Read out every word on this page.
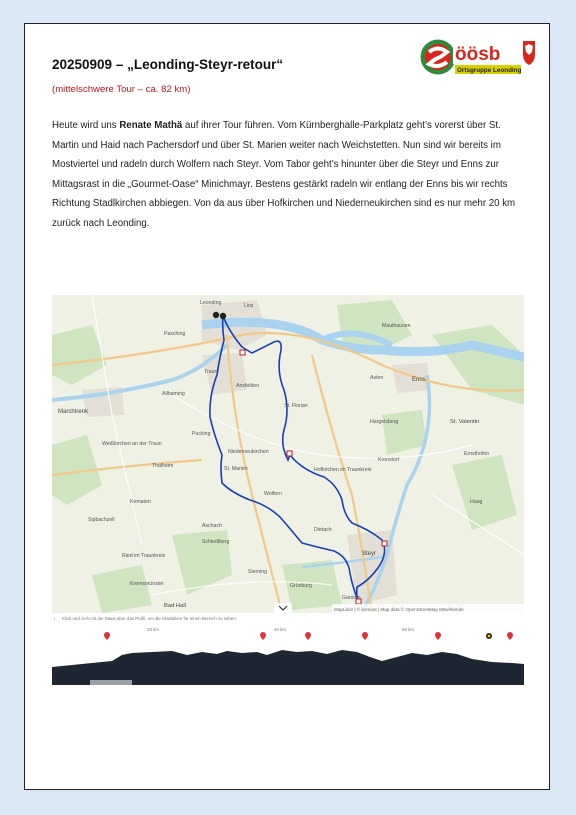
öösb
Ortsgruppe Leonding
20250909 – „Leonding-Steyr-retour“
(mittelschwere Tour – ca. 82 km)

Heute wird uns Renate Mathä auf ihrer Tour führen. Vom Kürnberghalle-Parkplatz geht’s vorerst über St. Martin und Haid nach Pachersdorf und über St. Marien weiter nach Weichstetten. Nun sind wir bereits im Mostviertel und radeln durch Wolfern nach Steyr. Vom Tabor geht’s hinunter über die Steyr und Enns zur Mittagsrast in die „Gourmet-Oase“ Minichmayr. Bestens gestärkt radeln wir entlang der Enns bis wir rechts Richtung Stadlkirchen abbiegen. Von da aus über Hofkirchen und Niederneukirchen sind es nur mehr 20 km zurück nach Leonding.

Leonding	Linz
Traun
Ansfelden
Marchtrenk
Weißkirchen an der Traun
Pucking
Kematen
Sipbachzell
Bad Hall
St. Marien
Niederneukirchen
Hofkirchen im Traunkreis
Wolfern
Steyr
Garsten
Dietach
Kronstorf
Enns
St. Valentin
Asten
St. Florian
Hargelsberg
Haag
Schiedlberg
Ried im Traunkreis
Thalheim
Grünburg
Ernsthofen
Mauthausen
Pasching
Allhaming
Kremsmünster
Sierning
Aschach
MapLibre | © komoot | Map data © OpenStreetMap Mitwirkende
i Klick und zieh mit der Maus über das Profil, um die Statistiken für einen Bereich zu sehen.
20 km	40 km	60 km
